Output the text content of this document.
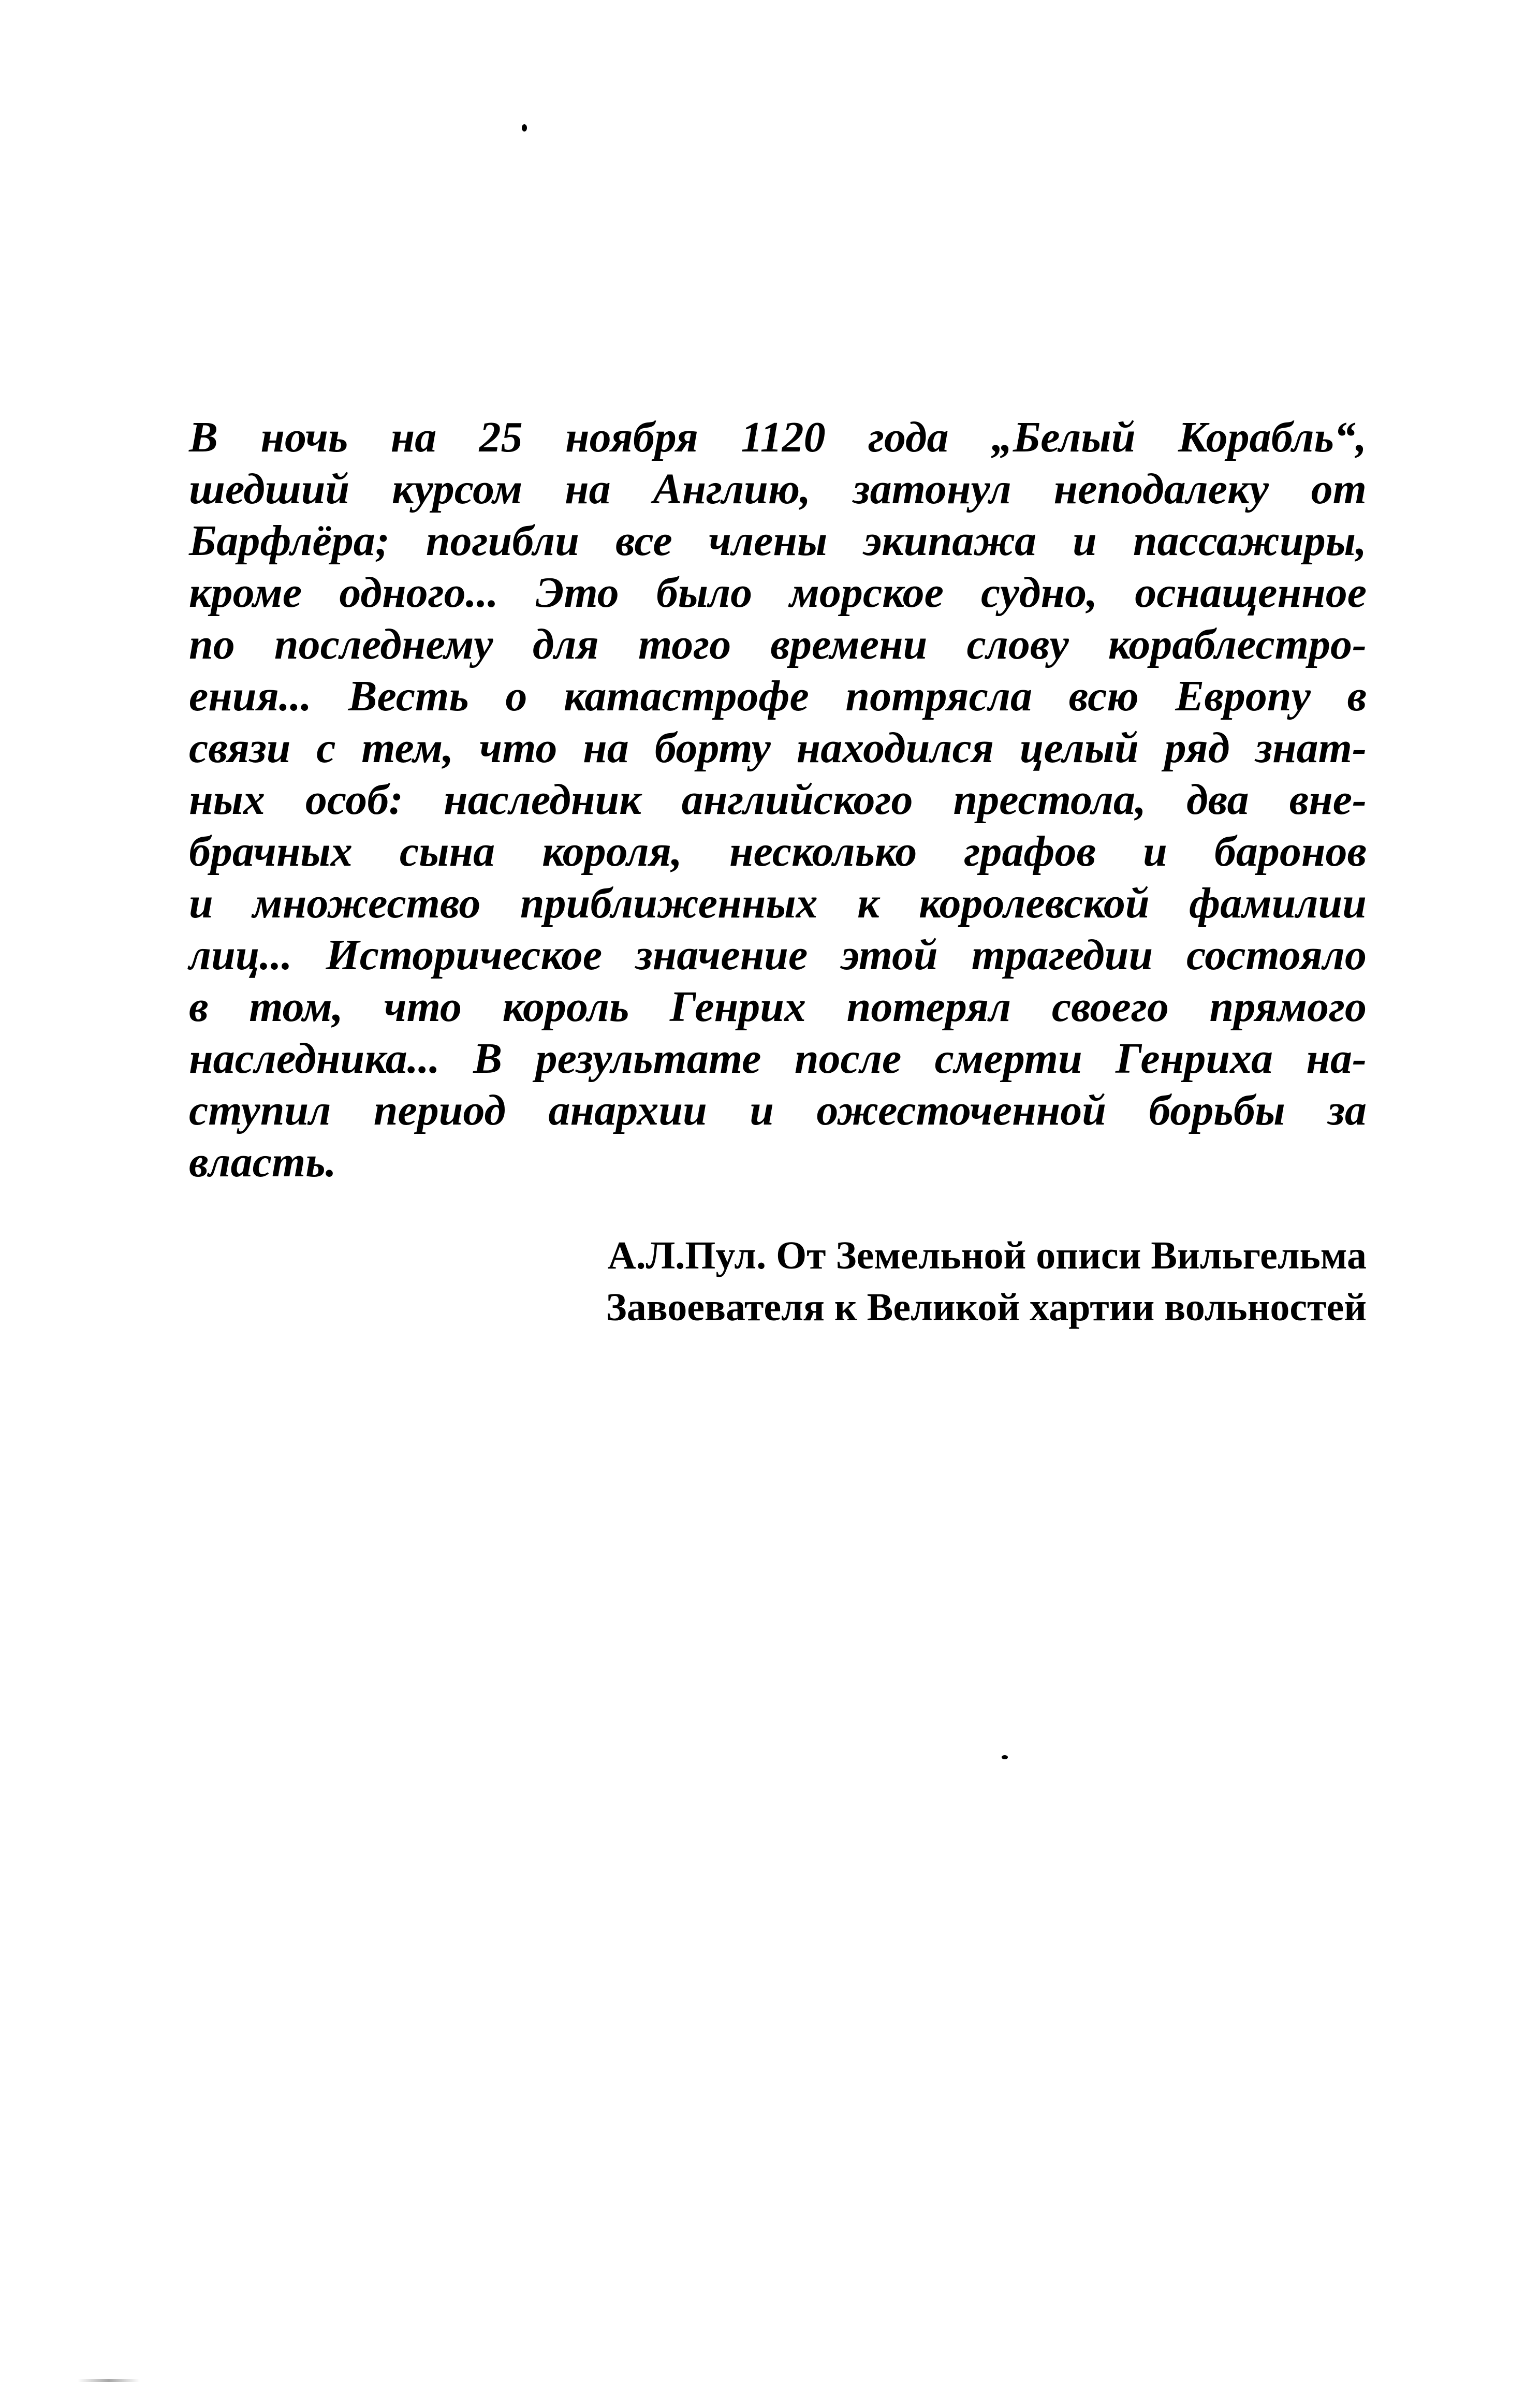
В ночь на 25 ноября 1120 года „Белый Корабль“,
шедший курсом на Англию, затонул неподалеку от
Барфлёра; погибли все члены экипажа и пассажиры,
кроме одного... Это было морское судно, оснащенное
по последнему для того времени слову кораблестро-
ения... Весть о катастрофе потрясла всю Европу в
связи с тем, что на борту находился целый ряд знат-
ных особ: наследник английского престола, два вне-
брачных сына короля, несколько графов и баронов
и множество приближенных к королевской фамилии
лиц... Историческое значение этой трагедии состояло
в том, что король Генрих потерял своего прямого
наследника... В результате после смерти Генриха на-
ступил период анархии и ожесточенной борьбы за
власть.
А.Л.Пул. От Земельной описи Вильгельма
Завоевателя к Великой хартии вольностей
